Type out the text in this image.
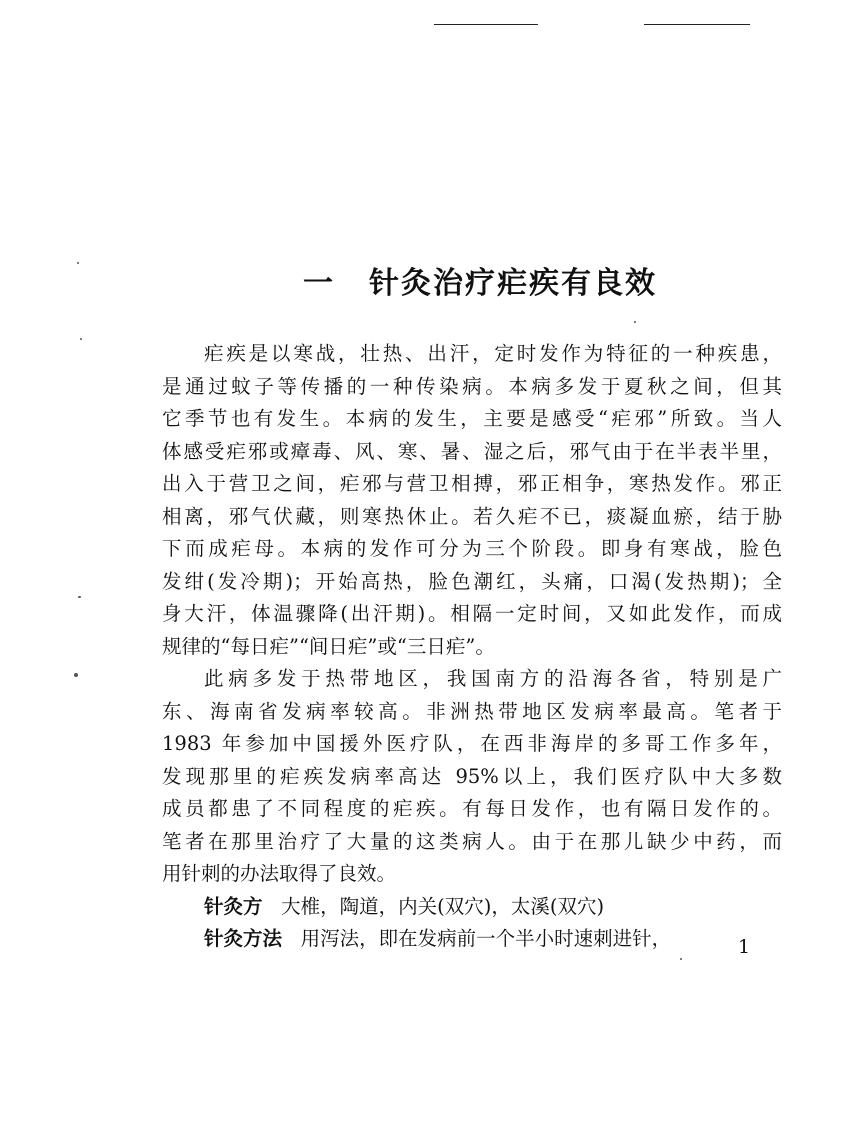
一 针灸治疗疟疾有良效
疟疾是以寒战，壮热、出汗，定时发作为特征的一种疾患，
是通过蚊子等传播的一种传染病。本病多发于夏秋之间，但其
它季节也有发生。本病的发生，主要是感受“疟邪”所致。当人
体感受疟邪或瘴毒、风、寒、暑、湿之后，邪气由于在半表半里，
出入于营卫之间，疟邪与营卫相搏，邪正相争，寒热发作。邪正
相离，邪气伏藏，则寒热休止。若久疟不已，痰凝血瘀，结于胁
下而成疟母。本病的发作可分为三个阶段。即身有寒战，脸色
发绀(发冷期)；开始高热，脸色潮红，头痛，口渴(发热期)；全
身大汗，体温骤降(出汗期)。相隔一定时间，又如此发作，而成
规律的“每日疟”“间日疟”或“三日疟”。
此病多发于热带地区，我国南方的沿海各省，特别是广
东、海南省发病率较高。非洲热带地区发病率最高。笔者于
1983 年参加中国援外医疗队，在西非海岸的多哥工作多年，
发现那里的疟疾发病率高达 95%以上，我们医疗队中大多数
成员都患了不同程度的疟疾。有每日发作，也有隔日发作的。
笔者在那里治疗了大量的这类病人。由于在那儿缺少中药，而
用针刺的办法取得了良效。
针灸方 大椎，陶道，内关(双穴)，太溪(双穴)
针灸方法 用泻法，即在发病前一个半小时速刺进针，	1
